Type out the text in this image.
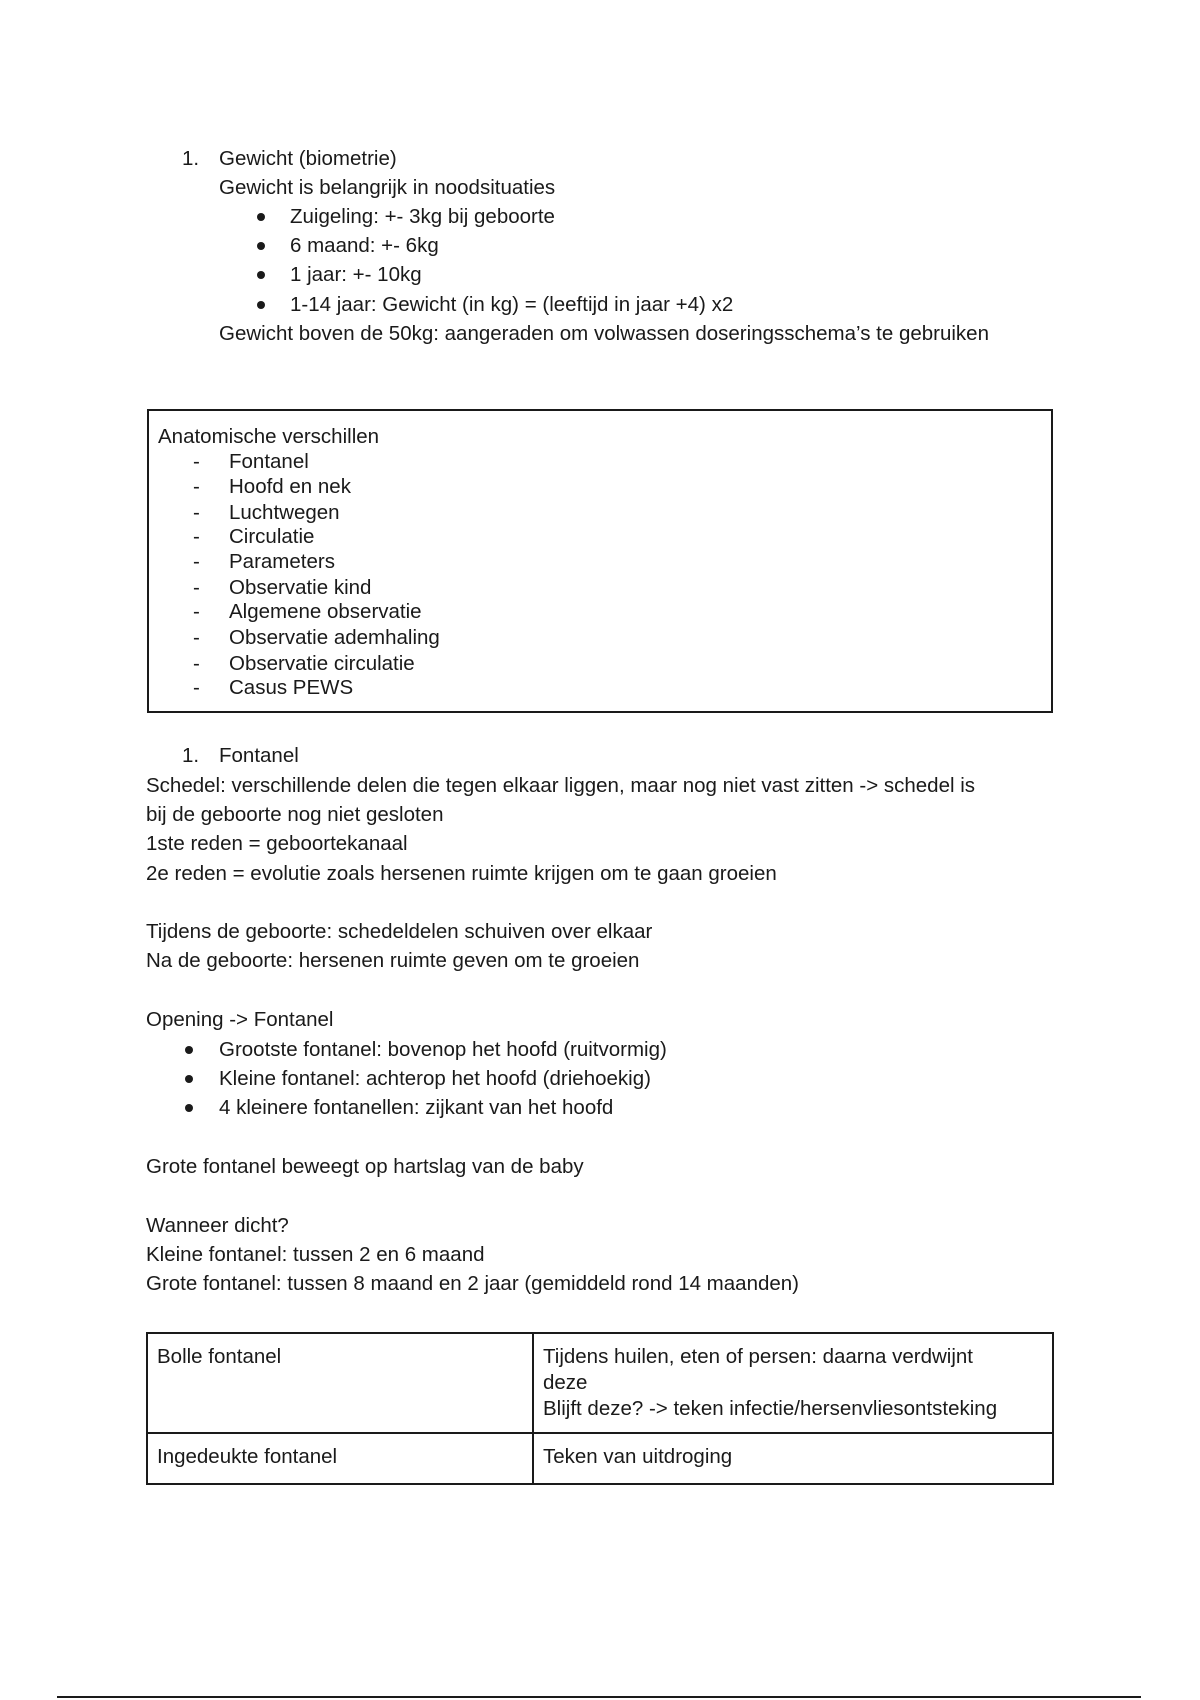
1. Gewicht (biometrie)
Gewicht is belangrijk in noodsituaties
Zuigeling: +- 3kg bij geboorte
6 maand: +- 6kg
1 jaar: +- 10kg
1-14 jaar: Gewicht (in kg) = (leeftijd in jaar +4) x2
Gewicht boven de 50kg: aangeraden om volwassen doseringsschema’s te gebruiken
Anatomische verschillen
- Fontanel
- Hoofd en nek
- Luchtwegen
- Circulatie
- Parameters
- Observatie kind
- Algemene observatie
- Observatie ademhaling
- Observatie circulatie
- Casus PEWS
1. Fontanel
Schedel: verschillende delen die tegen elkaar liggen, maar nog niet vast zitten -> schedel is
bij de geboorte nog niet gesloten
1ste reden = geboortekanaal
2e reden = evolutie zoals hersenen ruimte krijgen om te gaan groeien
Tijdens de geboorte: schedeldelen schuiven over elkaar
Na de geboorte: hersenen ruimte geven om te groeien
Opening -> Fontanel
Grootste fontanel: bovenop het hoofd (ruitvormig)
Kleine fontanel: achterop het hoofd (driehoekig)
4 kleinere fontanellen: zijkant van het hoofd
Grote fontanel beweegt op hartslag van de baby
Wanneer dicht?
Kleine fontanel: tussen 2 en 6 maand
Grote fontanel: tussen 8 maand en 2 jaar (gemiddeld rond 14 maanden)
Bolle fontanel	Tijdens huilen, eten of persen: daarna verdwijnt
deze
Blijft deze? -> teken infectie/hersenvliesontsteking

Ingedeukte fontanel	Teken van uitdroging
